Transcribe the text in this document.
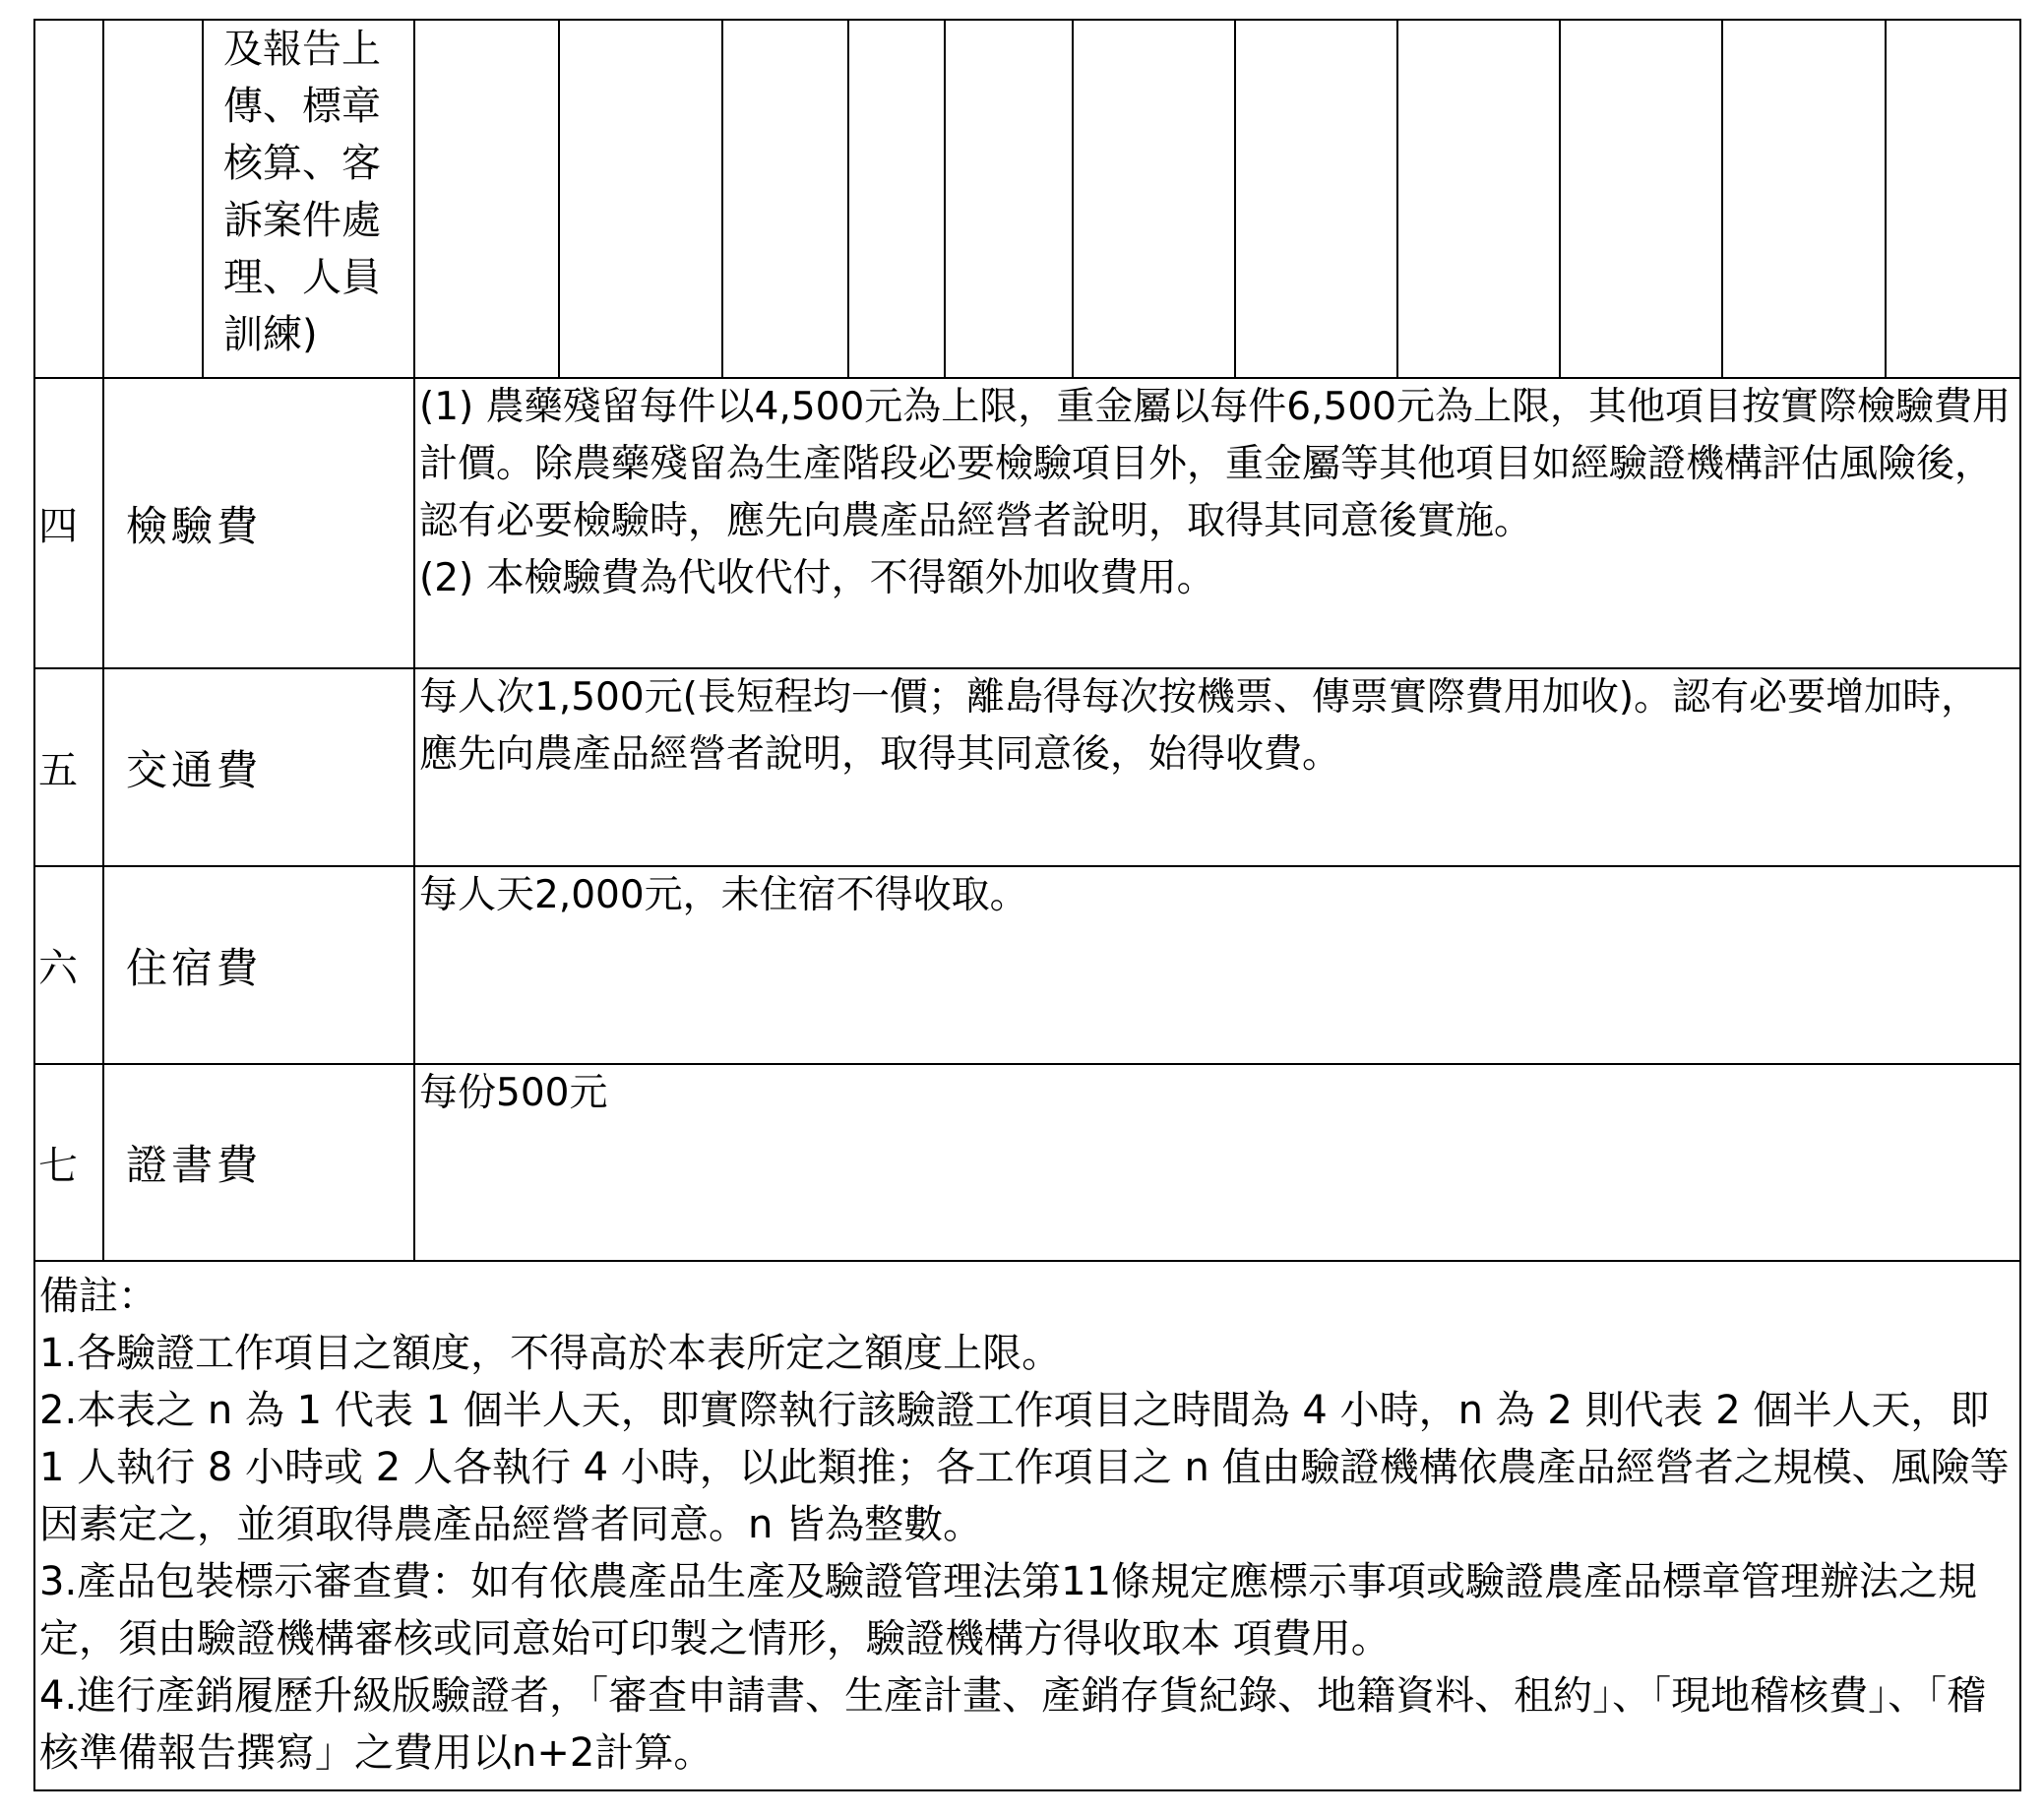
		及報告上傳、標章核算、客訴案件處理、人員訓練)											

四	檢驗費		(1) 農藥殘留每件以4,500元為上限，重金屬以每件6,500元為上限，其他項目按實際檢驗費用計價。除農藥殘留為生產階段必要檢驗項目外，重金屬等其他項目如經驗證機構評估風險後，認有必要檢驗時，應先向農產品經營者說明，取得其同意後實施。
(2) 本檢驗費為代收代付，不得額外加收費用。										

五	交通費		每人次1,500元(長短程均一價；離島得每次按機票、傳票實際費用加收)。認有必要增加時，應先向農產品經營者說明，取得其同意後，始得收費。										

六	住宿費		每人天2,000元，未住宿不得收取。										

七	證書費		每份500元										

備註：
1.各驗證工作項目之額度，不得高於本表所定之額度上限。
2.本表之 n 為 1 代表 1 個半人天，即實際執行該驗證工作項目之時間為 4 小時，n 為 2 則代表 2 個半人天，即 1 人執行 8 小時或 2 人各執行 4 小時，以此類推；各工作項目之 n 值由驗證機構依農產品經營者之規模、風險等因素定之，並須取得農產品經營者同意。n 皆為整數。
3.產品包裝標示審查費：如有依農產品生產及驗證管理法第11條規定應標示事項或驗證農產品標章管理辦法之規定，須由驗證機構審核或同意始可印製之情形，驗證機構方得收取本 項費用。
4.進行產銷履歷升級版驗證者，「審查申請書、生產計畫、產銷存貨紀錄、地籍資料、租約」、「現地稽核費」、「稽核準備報告撰寫」之費用以n+2計算。													
